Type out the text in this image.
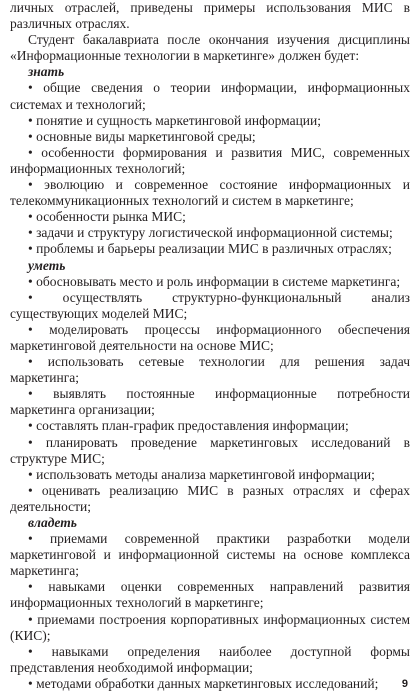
личных отраслей, приведены примеры использования МИС в различных отраслях.

Студент бакалавриата после окончания изучения дисциплины «Информационные технологии в маркетинге» должен будет:

знать

• общие сведения о теории информации, информационных системах и технологий;

• понятие и сущность маркетинговой информации;

• основные виды маркетинговой среды;

• особенности формирования и развития МИС, современных информационных технологий;

• эволюцию и современное состояние информационных и телекоммуникационных технологий и систем в маркетинге;

• особенности рынка МИС;

• задачи и структуру логистической информационной системы;

• проблемы и барьеры реализации МИС в различных отраслях;

уметь

• обосновывать место и роль информации в системе маркетинга;

• осуществлять структурно-функциональный анализ существующих моделей МИС;

• моделировать процессы информационного обеспечения маркетинговой деятельности на основе МИС;

• использовать сетевые технологии для решения задач маркетинга;

• выявлять постоянные информационные потребности маркетинга организации;

• составлять план-график предоставления информации;

• планировать проведение маркетинговых исследований в структуре МИС;

• использовать методы анализа маркетинговой информации;

• оценивать реализацию МИС в разных отраслях и сферах деятельности;

владеть

• приемами современной практики разработки модели маркетинговой и информационной системы на основе комплекса маркетинга;

• навыками оценки современных направлений развития информационных технологий в маркетинге;

• приемами построения корпоративных информационных систем (КИС);

• навыками определения наиболее доступной формы представления необходимой информации;

• методами обработки данных маркетинговых исследований;	9
